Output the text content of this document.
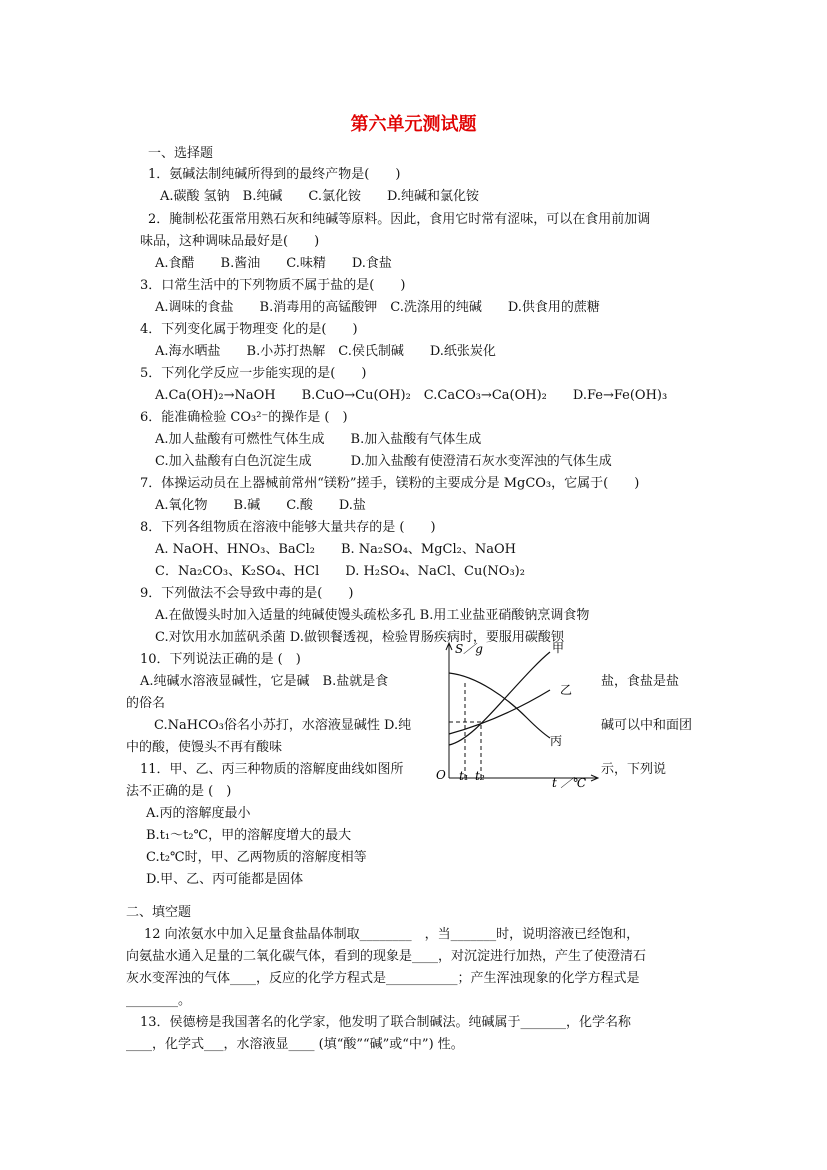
第六单元测试题
一、选择题
1．氨碱法制纯碱所得到的最终产物是(　　)
A.碳酸 氢钠　B.纯碱　　C.氯化铵　　D.纯碱和氯化铵
2．腌制松花蛋常用熟石灰和纯碱等原料。因此，食用它时常有涩味，可以在食用前加调
味品，这种调味品最好是(　　)
A.食醋　　B.酱油　　C.味精　　D.食盐
3．口常生活中的下列物质不属于盐的是(　　)
A.调味的食盐　　B.消毒用的高锰酸钾　C.洗涤用的纯碱　　D.供食用的蔗糖
4．下列变化属于物理变 化的是(　　)
A.海水晒盐　　B.小苏打热解　C.侯氏制碱　　D.纸张炭化
5．下列化学反应一步能实现的是(　　)
A.Ca(OH)₂→NaOH　　B.CuO→Cu(OH)₂　C.CaCO₃→Ca(OH)₂　　D.Fe→Fe(OH)₃
6．能准确检验 CO₃²⁻的操作是 (　)
A.加人盐酸有可燃性气体生成　　B.加入盐酸有气体生成
C.加入盐酸有白色沉淀生成　　　D.加入盐酸有使澄清石灰水变浑浊的气体生成
7．体操运动员在上器械前常州“镁粉”搓手，镁粉的主要成分是 MgCO₃，它属于(　　)
A.氧化物　　B.碱　　C.酸　　D.盐
8．下列各组物质在溶液中能够大量共存的是 (　　)
A. NaOH、HNO₃、BaCl₂　　B. Na₂SO₄、MgCl₂、NaOH
C．Na₂CO₃、K₂SO₄、HCl　　D. H₂SO₄、NaCl、Cu(NO₃)₂
9．下列做法不会导致中毒的是(　　)
A.在做馒头时加入适量的纯碱使馒头疏松多孔 B.用工业盐亚硝酸钠烹调食物
C.对饮用水加蓝矾杀菌 D.做钡餐透视，检验胃肠疾病时，要服用碳酸钡
10．下列说法正确的是 (　)
A.纯碱水溶液显碱性，它是碱　B.盐就是食	盐，食盐是盐
的俗名
C.NaHCO₃俗名小苏打，水溶液显碱性 D.纯	碱可以中和面团
中的酸，使馒头不再有酸味
11．甲、乙、丙三种物质的溶解度曲线如图所	示，下列说
法不正确的是 (　)
A.丙的溶解度最小
B.t₁～t₂℃，甲的溶解度增大的最大
C.t₂℃时，甲、乙两物质的溶解度相等
D.甲、乙、丙可能都是固体
S／g	甲
乙
丙
O t₁ t₂	t ／℃
二、填空题
12 向浓氨水中加入足量食盐晶体制取________　，当_______时，说明溶液已经饱和，
向氨盐水通入足量的二氧化碳气体，看到的现象是____，对沉淀进行加热，产生了使澄清石
灰水变浑浊的气体____，反应的化学方程式是___________；产生浑浊现象的化学方程式是
________。
13．侯德榜是我国著名的化学家，他发明了联合制碱法。纯碱属于_______，化学名称
____，化学式___，水溶液显____ (填“酸”“碱”或“中”) 性。
